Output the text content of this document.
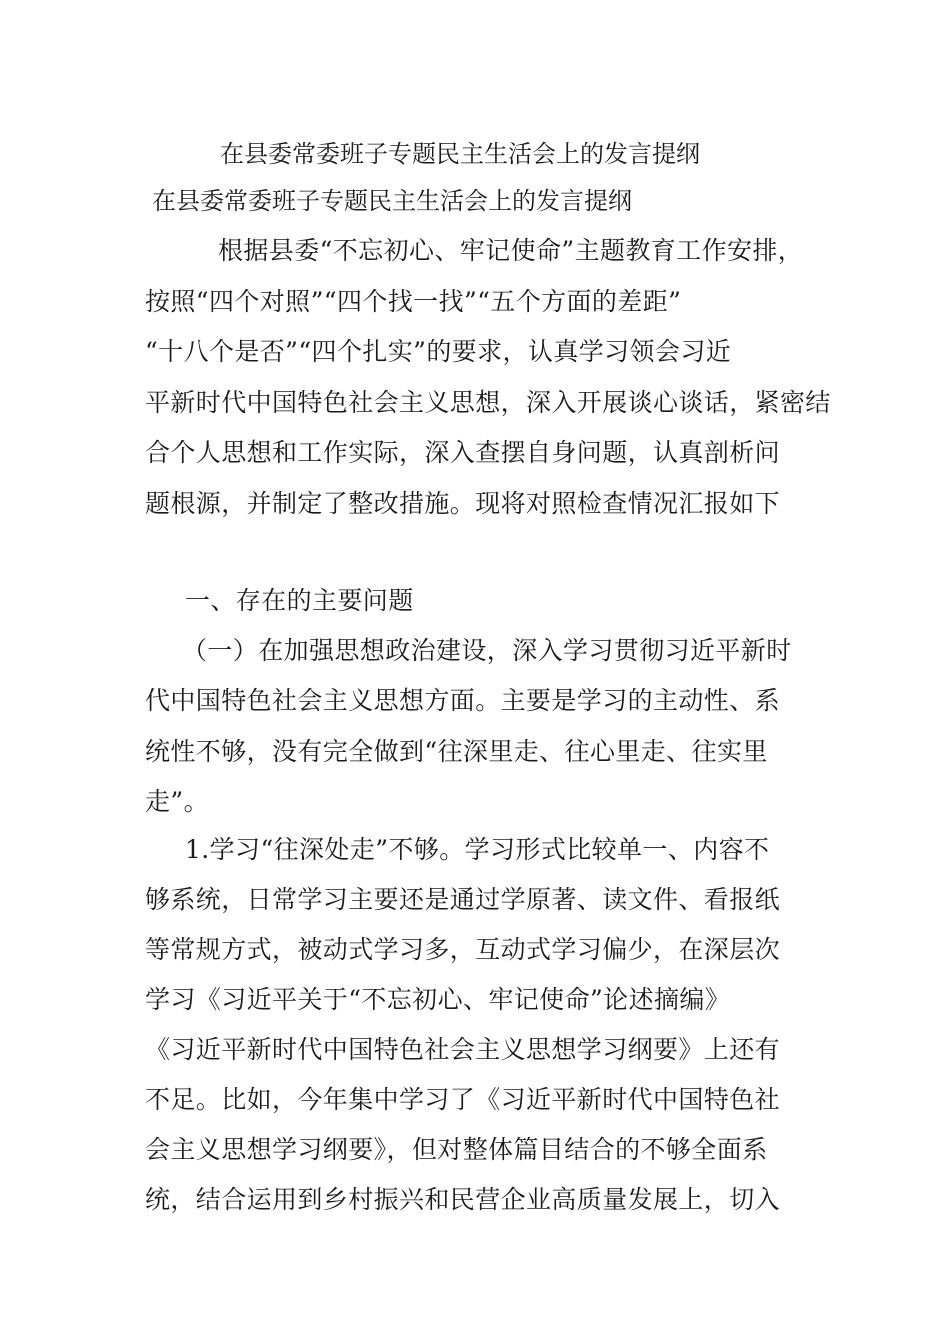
在县委常委班子专题民主生活会上的发言提纲
在县委常委班子专题民主生活会上的发言提纲
根据县委“不忘初心、牢记使命”主题教育工作安排，
按照“四个对照”“四个找一找”“五个方面的差距”
“十八个是否”“四个扎实”的要求，认真学习领会习近
平新时代中国特色社会主义思想，深入开展谈心谈话，紧密结
合个人思想和工作实际，深入查摆自身问题，认真剖析问
题根源，并制定了整改措施。现将对照检查情况汇报如下
一、存在的主要问题
（一）在加强思想政治建设，深入学习贯彻习近平新时
代中国特色社会主义思想方面。主要是学习的主动性、系
统性不够，没有完全做到“往深里走、往心里走、往实里
走”。
1.学习“往深处走”不够。学习形式比较单一、内容不
够系统，日常学习主要还是通过学原著、读文件、看报纸
等常规方式，被动式学习多，互动式学习偏少，在深层次
学习《习近平关于“不忘初心、牢记使命”论述摘编》
《习近平新时代中国特色社会主义思想学习纲要》上还有
不足。比如，今年集中学习了《习近平新时代中国特色社
会主义思想学习纲要》，但对整体篇目结合的不够全面系
统，结合运用到乡村振兴和民营企业高质量发展上，切入
